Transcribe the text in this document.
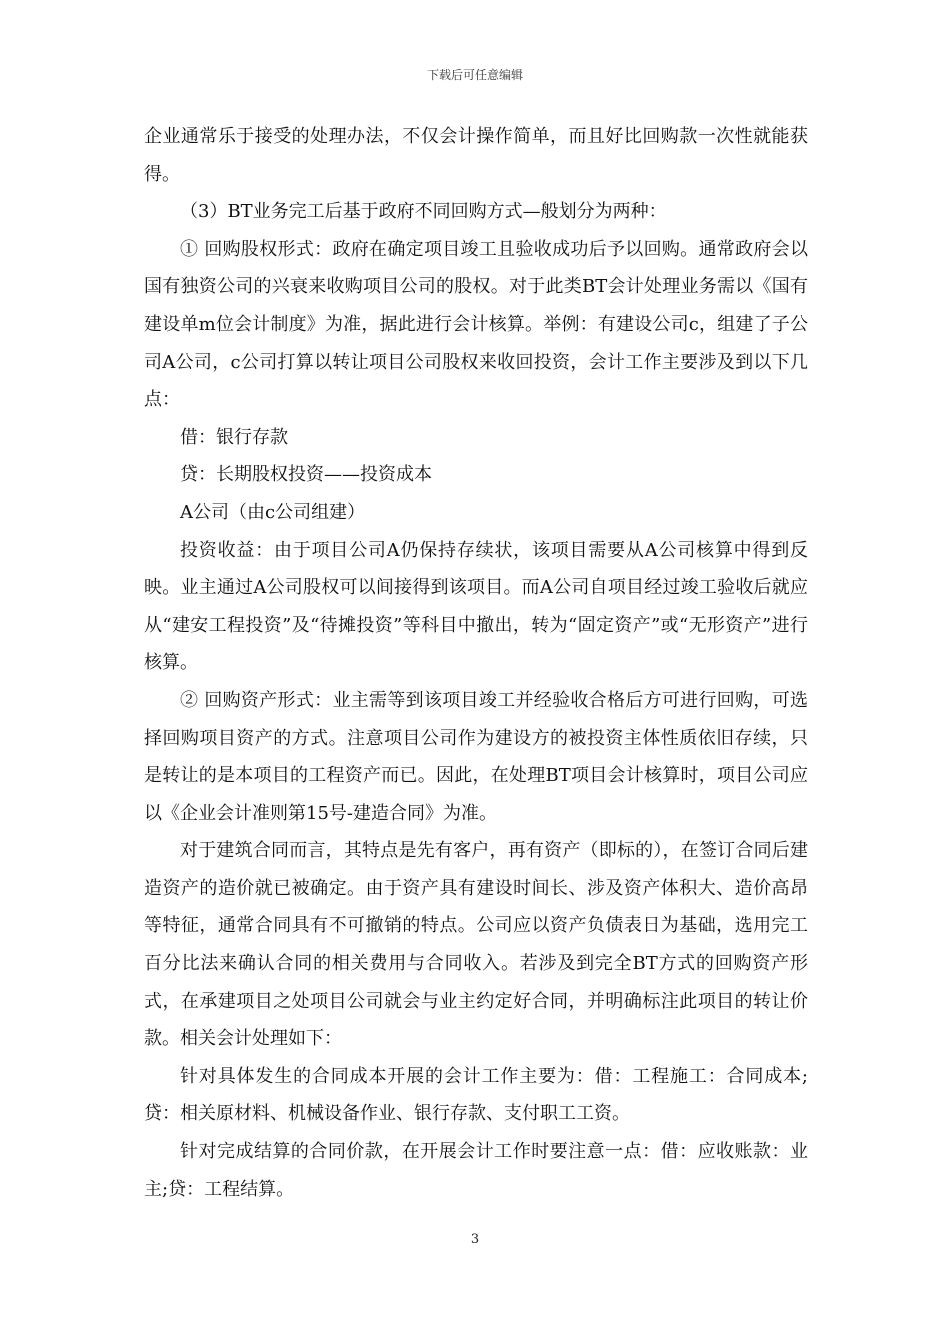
下载后可任意编辑

企业通常乐于接受的处理办法，不仅会计操作简单，而且好比回购款一次性就能获得。

（3）BT业务完工后基于政府不同回购方式—般划分为两种：

① 回购股权形式：政府在确定项目竣工且验收成功后予以回购。通常政府会以国有独资公司的兴衰来收购项目公司的股权。对于此类BT会计处理业务需以《国有建设单m位会计制度》为准，据此进行会计核算。举例：有建设公司c，组建了子公司A公司，c公司打算以转让项目公司股权来收回投资，会计工作主要涉及到以下几点：

借：银行存款

贷：长期股权投资——投资成本

A公司（由c公司组建）

投资收益：由于项目公司A仍保持存续状，该项目需要从A公司核算中得到反映。业主通过A公司股权可以间接得到该项目。而A公司自项目经过竣工验收后就应从“建安工程投资”及“待摊投资”等科目中撤出，转为“固定资产”或“无形资产”进行核算。

② 回购资产形式：业主需等到该项目竣工并经验收合格后方可进行回购，可选择回购项目资产的方式。注意项目公司作为建设方的被投资主体性质依旧存续，只是转让的是本项目的工程资产而已。因此，在处理BT项目会计核算时，项目公司应以《企业会计准则第15号-建造合同》为准。

对于建筑合同而言，其特点是先有客户，再有资产（即标的），在签订合同后建造资产的造价就已被确定。由于资产具有建设时间长、涉及资产体积大、造价高昂等特征，通常合同具有不可撤销的特点。公司应以资产负债表日为基础，选用完工百分比法来确认合同的相关费用与合同收入。若涉及到完全BT方式的回购资产形式，在承建项目之处项目公司就会与业主约定好合同，并明确标注此项目的转让价款。相关会计处理如下：

针对具体发生的合同成本开展的会计工作主要为：借：工程施工：合同成本;贷：相关原材料、机械设备作业、银行存款、支付职工工资。

针对完成结算的合同价款，在开展会计工作时要注意一点：借：应收账款：业主;贷：工程结算。

3
